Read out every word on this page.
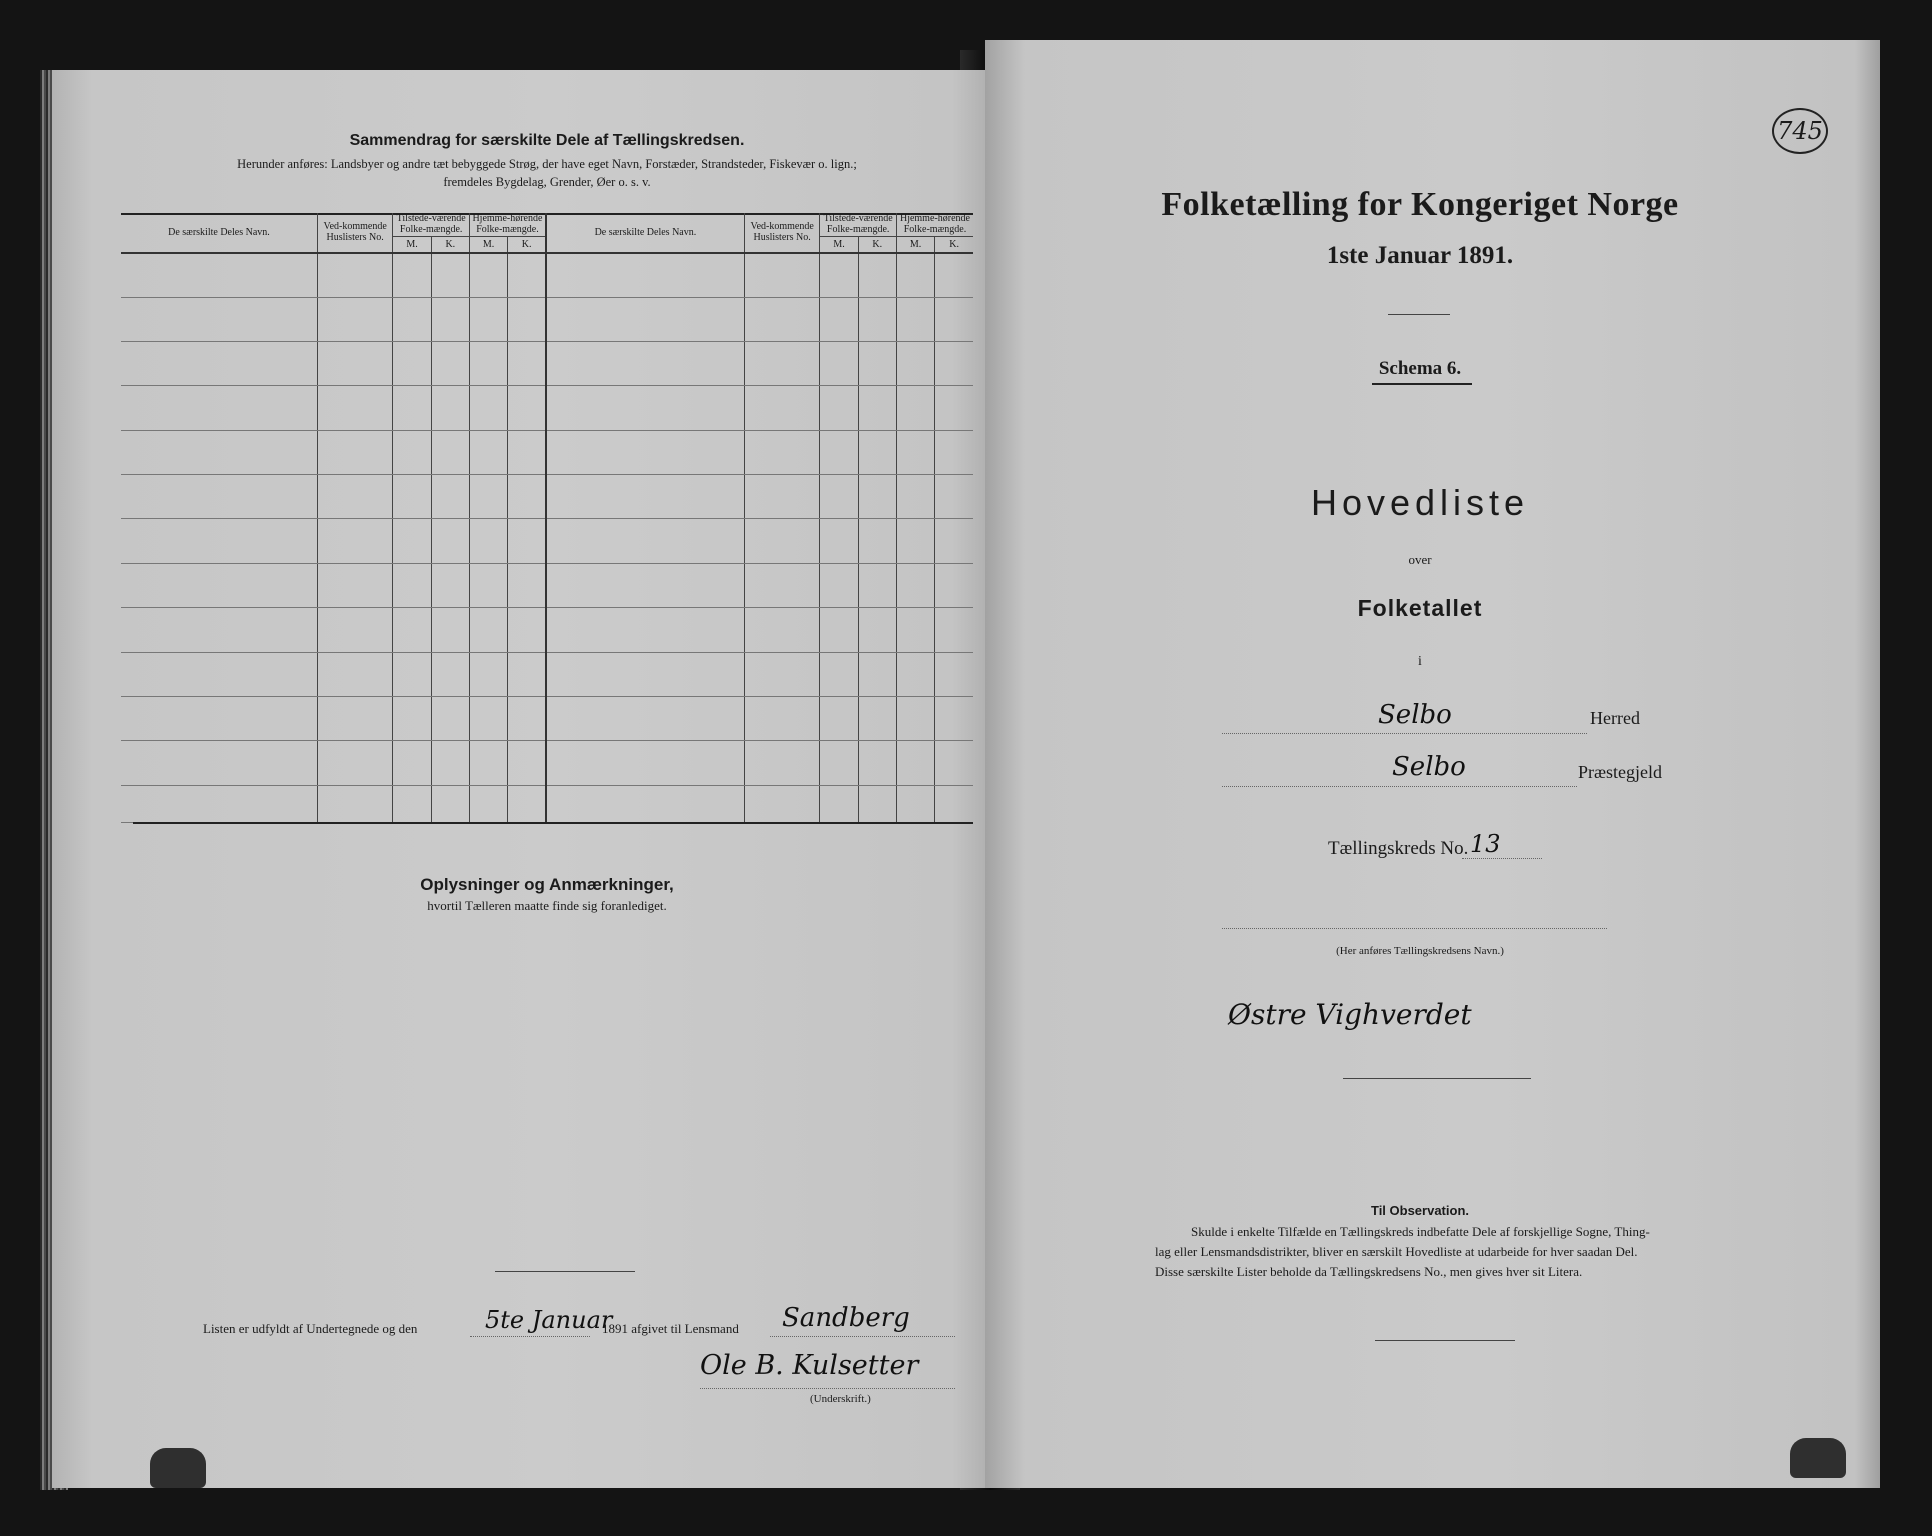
Sammendrag for særskilte Dele af Tællingskredsen.
Herunder anføres: Landsbyer og andre tæt bebyggede Strøg, der have eget Navn, Forstæder, Strandsteder, Fiskevær o. lign.;
fremdeles Bygdelag, Grender, Øer o. s. v.
De særskilte Deles Navn.	Ved-kommende Huslisters No.	Tilstede-værende Folke-mængde.		Hjemme-hørende Folke-mængde.		De særskilte Deles Navn.	Ved-kommende Huslisters No.	Tilstede-værende Folke-mængde.		Hjemme-hørende Folke-mængde.	
		M.	K.	M.	K.			M.	K.	M.	K.

Oplysninger og Anmærkninger,
hvortil Tælleren maatte finde sig foranlediget.
Listen er udfyldt af Undertegnede og den	5te Januar
1891 afgivet til Lensmand Sandberg
Ole B. Kulsetter
(Underskrift.)
745
Folketælling for Kongeriget Norge
1ste Januar 1891.
Schema 6.
Hovedliste
over
Folketallet
i
Selbo	Herred
Selbo	Præstegjeld
Tællingskreds No. 13
(Her anføres Tællingskredsens Navn.)
Østre Vighverdet
Til Observation.
Skulde i enkelte Tilfælde en Tællingskreds indbefatte Dele af forskjellige Sogne, Thing-
lag eller Lensmandsdistrikter, bliver en særskilt Hovedliste at udarbeide for hver saadan Del.
Disse særskilte Lister beholde da Tællingskredsens No., men gives hver sit Litera.
